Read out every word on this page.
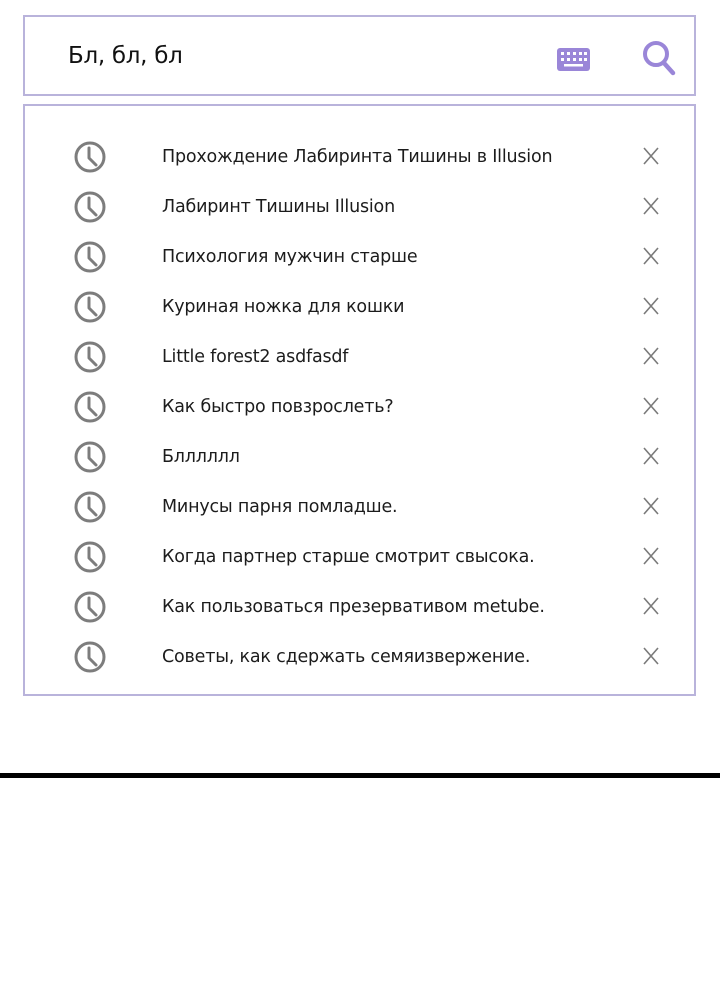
Бл, бл, бл
Прохождение Лабиринта Тишины в Illusion
Лабиринт Тишины Illusion
Психология мужчин старше
Куриная ножка для кошки
Little forest2 asdfasdf
Как быстро повзрослеть?
Блллллл
Минусы парня помладше.
Когда партнер старше смотрит свысока.
Как пользоваться презервативом metube.
Советы, как сдержать семяизвержение.
